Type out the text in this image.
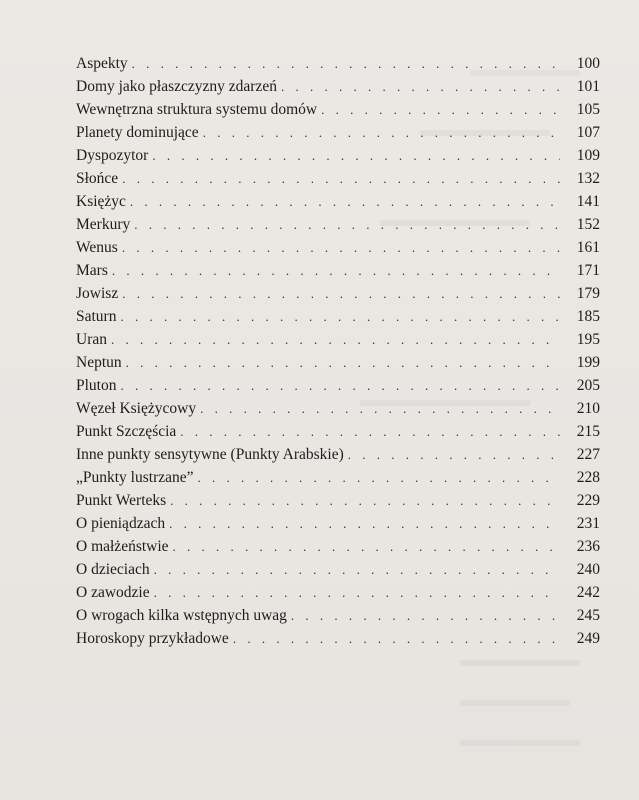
Aspekty . . .	100
Domy jako płaszczyzny zdarzeń . . .	101
Wewnętrzna struktura systemu domów . . .	105
Planety dominujące . . .	107
Dyspozytor . . .	109
Słońce . . .	132
Księżyc . . .	141
Merkury . . .	152
Wenus . . .	161
Mars . . .	171
Jowisz . . .	179
Saturn . . .	185
Uran . . .	195
Neptun . . .	199
Pluton . . .	205
Węzeł Księżycowy . . .	210
Punkt Szczęścia . . .	215
Inne punkty sensytywne (Punkty Arabskie) . . .	227
„Punkty lustrzane” . . .	228
Punkt Werteks . . .	229
O pieniądzach . . .	231
O małżeństwie . . .	236
O dzieciach . . .	240
O zawodzie . . .	242
O wrogach kilka wstępnych uwag . . .	245
Horoskopy przykładowe . . .	249
